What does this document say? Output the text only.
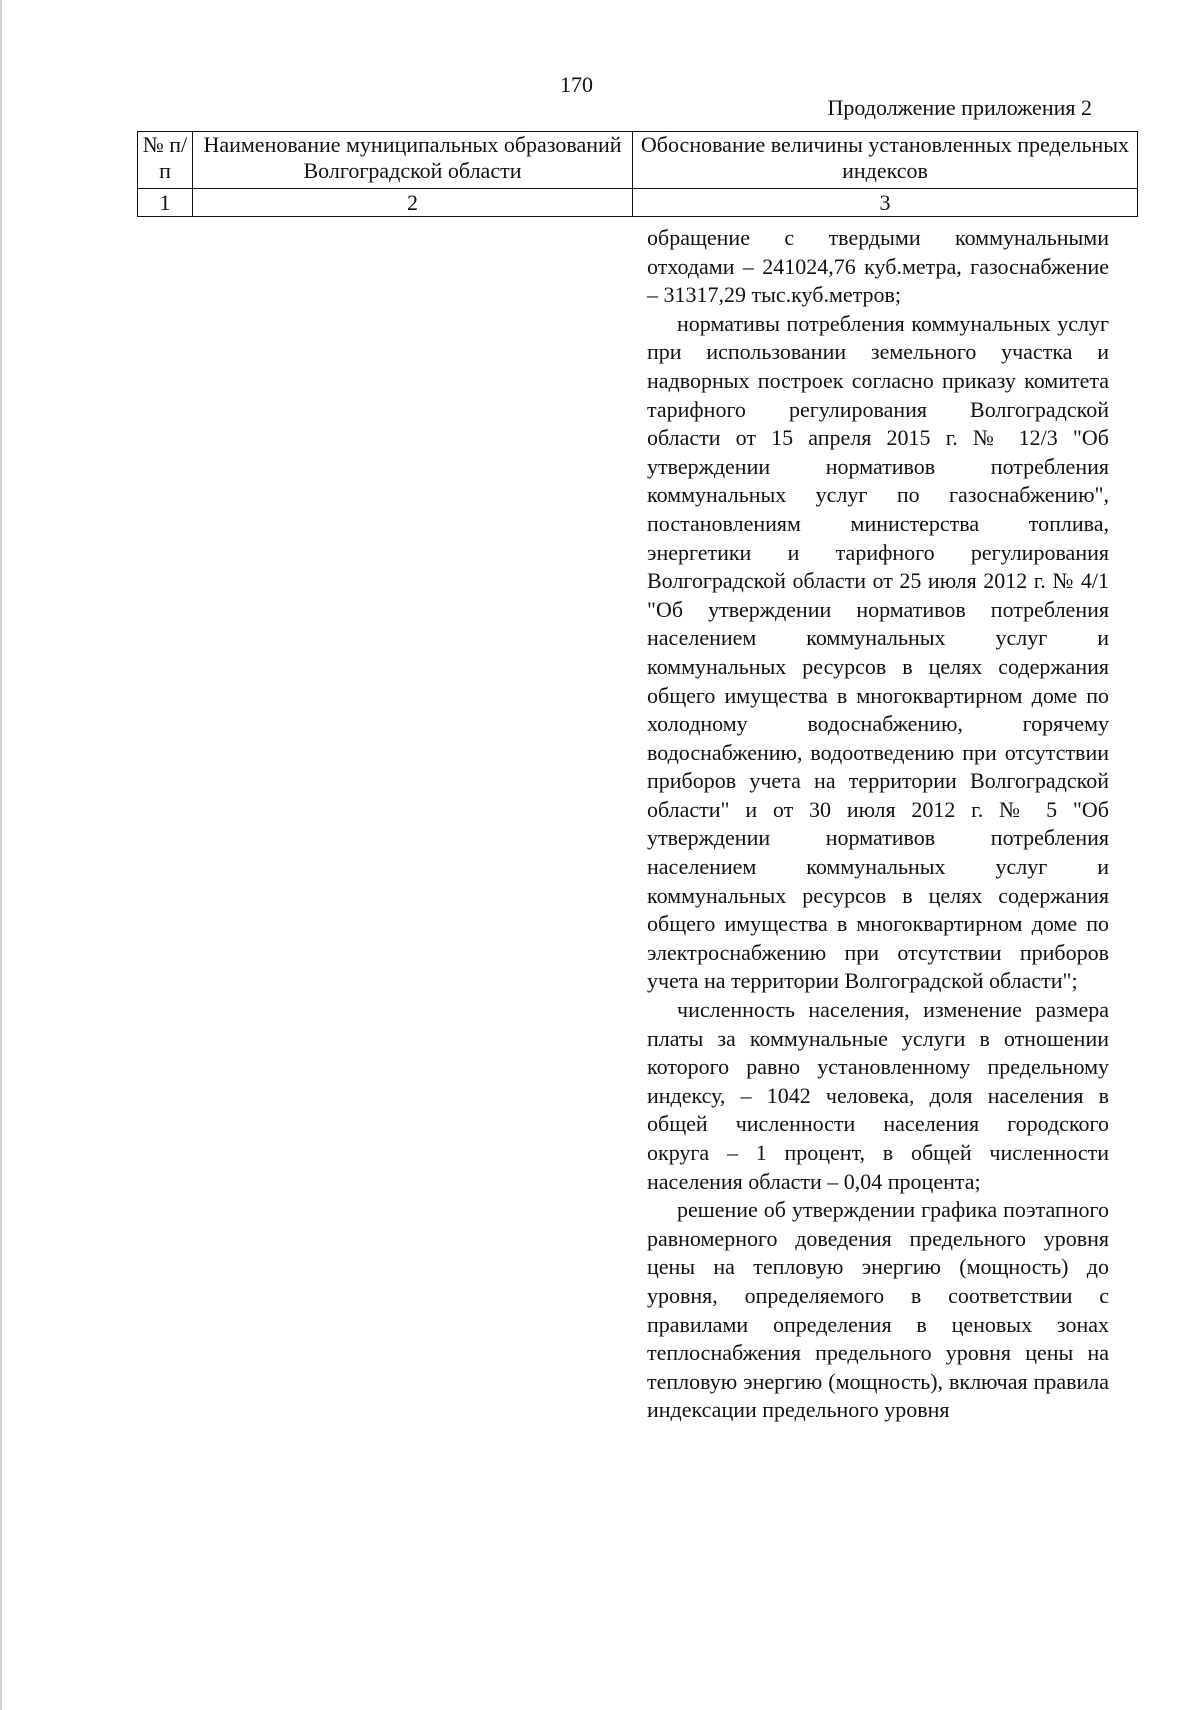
170

Продолжение приложения 2

№ п/п	Наименование муниципальных образований Волгоградской области	Обоснование величины установленных предельных индексов
1	2	3

обращение с твердыми коммунальными отходами – 241024,76 куб.метра, газоснабжение – 31317,29 тыс.куб.метров;

нормативы потребления коммунальных услуг при использовании земельного участка и надворных построек согласно приказу комитета тарифного регулирования Волгоградской области от 15 апреля 2015 г. № 12/3 "Об утверждении нормативов потребления коммунальных услуг по газоснабжению", постановлениям министерства топлива, энергетики и тарифного регулирования Волгоградской области от 25 июля 2012 г. № 4/1 "Об утверждении нормативов потребления населением коммунальных услуг и коммунальных ресурсов в целях содержания общего имущества в многоквартирном доме по холодному водоснабжению, горячему водоснабжению, водоотведению при отсутствии приборов учета на территории Волгоградской области" и от 30 июля 2012 г. № 5 "Об утверждении нормативов потребления населением коммунальных услуг и коммунальных ресурсов в целях содержания общего имущества в многоквартирном доме по электроснабжению при отсутствии приборов учета на территории Волгоградской области";

численность населения, изменение размера платы за коммунальные услуги в отношении которого равно установленному предельному индексу, – 1042 человека, доля населения в общей численности населения городского округа – 1 процент, в общей численности населения области – 0,04 процента;

решение об утверждении графика поэтапного равномерного доведения предельного уровня цены на тепловую энергию (мощность) до уровня, определяемого в соответствии с правилами определения в ценовых зонах теплоснабжения предельного уровня цены на тепловую энергию (мощность), включая правила индексации предельного уровня
